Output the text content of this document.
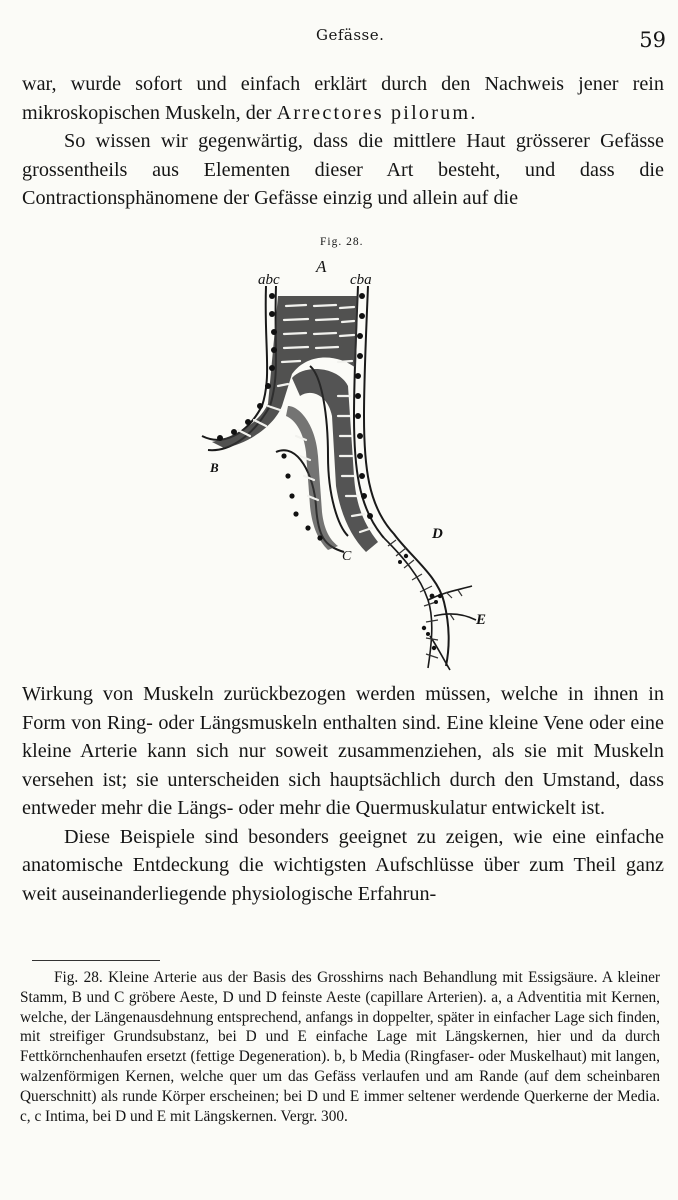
Gefässe.	59

war, wurde sofort und einfach erklärt durch den Nachweis jener rein mikroskopischen Muskeln, der Arrectores pilorum.

So wissen wir gegenwärtig, dass die mittlere Haut grösserer Gefässe grossentheils aus Elementen dieser Art besteht, und dass die Contractionsphänomene der Gefässe einzig und allein auf die

Fig. 28.
abc
A
cba
B
C
D
E

Wirkung von Muskeln zurückbezogen werden müssen, welche in ihnen in Form von Ring- oder Längsmuskeln enthalten sind. Eine kleine Vene oder eine kleine Arterie kann sich nur soweit zusammenziehen, als sie mit Muskeln versehen ist; sie unterscheiden sich hauptsächlich durch den Umstand, dass entweder mehr die Längs- oder mehr die Quermuskulatur entwickelt ist.

Diese Beispiele sind besonders geeignet zu zeigen, wie eine einfache anatomische Entdeckung die wichtigsten Aufschlüsse über zum Theil ganz weit auseinanderliegende physiologische Erfahrun-

Fig. 28. Kleine Arterie aus der Basis des Grosshirns nach Behandlung mit Essigsäure. A kleiner Stamm, B und C gröbere Aeste, D und D feinste Aeste (capillare Arterien). a, a Adventitia mit Kernen, welche, der Längenausdehnung entsprechend, anfangs in doppelter, später in einfacher Lage sich finden, mit streifiger Grundsubstanz, bei D und E einfache Lage mit Längskernen, hier und da durch Fettkörnchenhaufen ersetzt (fettige Degeneration). b, b Media (Ringfaser- oder Muskelhaut) mit langen, walzenförmigen Kernen, welche quer um das Gefäss verlaufen und am Rande (auf dem scheinbaren Querschnitt) als runde Körper erscheinen; bei D und E immer seltener werdende Querkerne der Media. c, c Intima, bei D und E mit Längskernen. Vergr. 300.
